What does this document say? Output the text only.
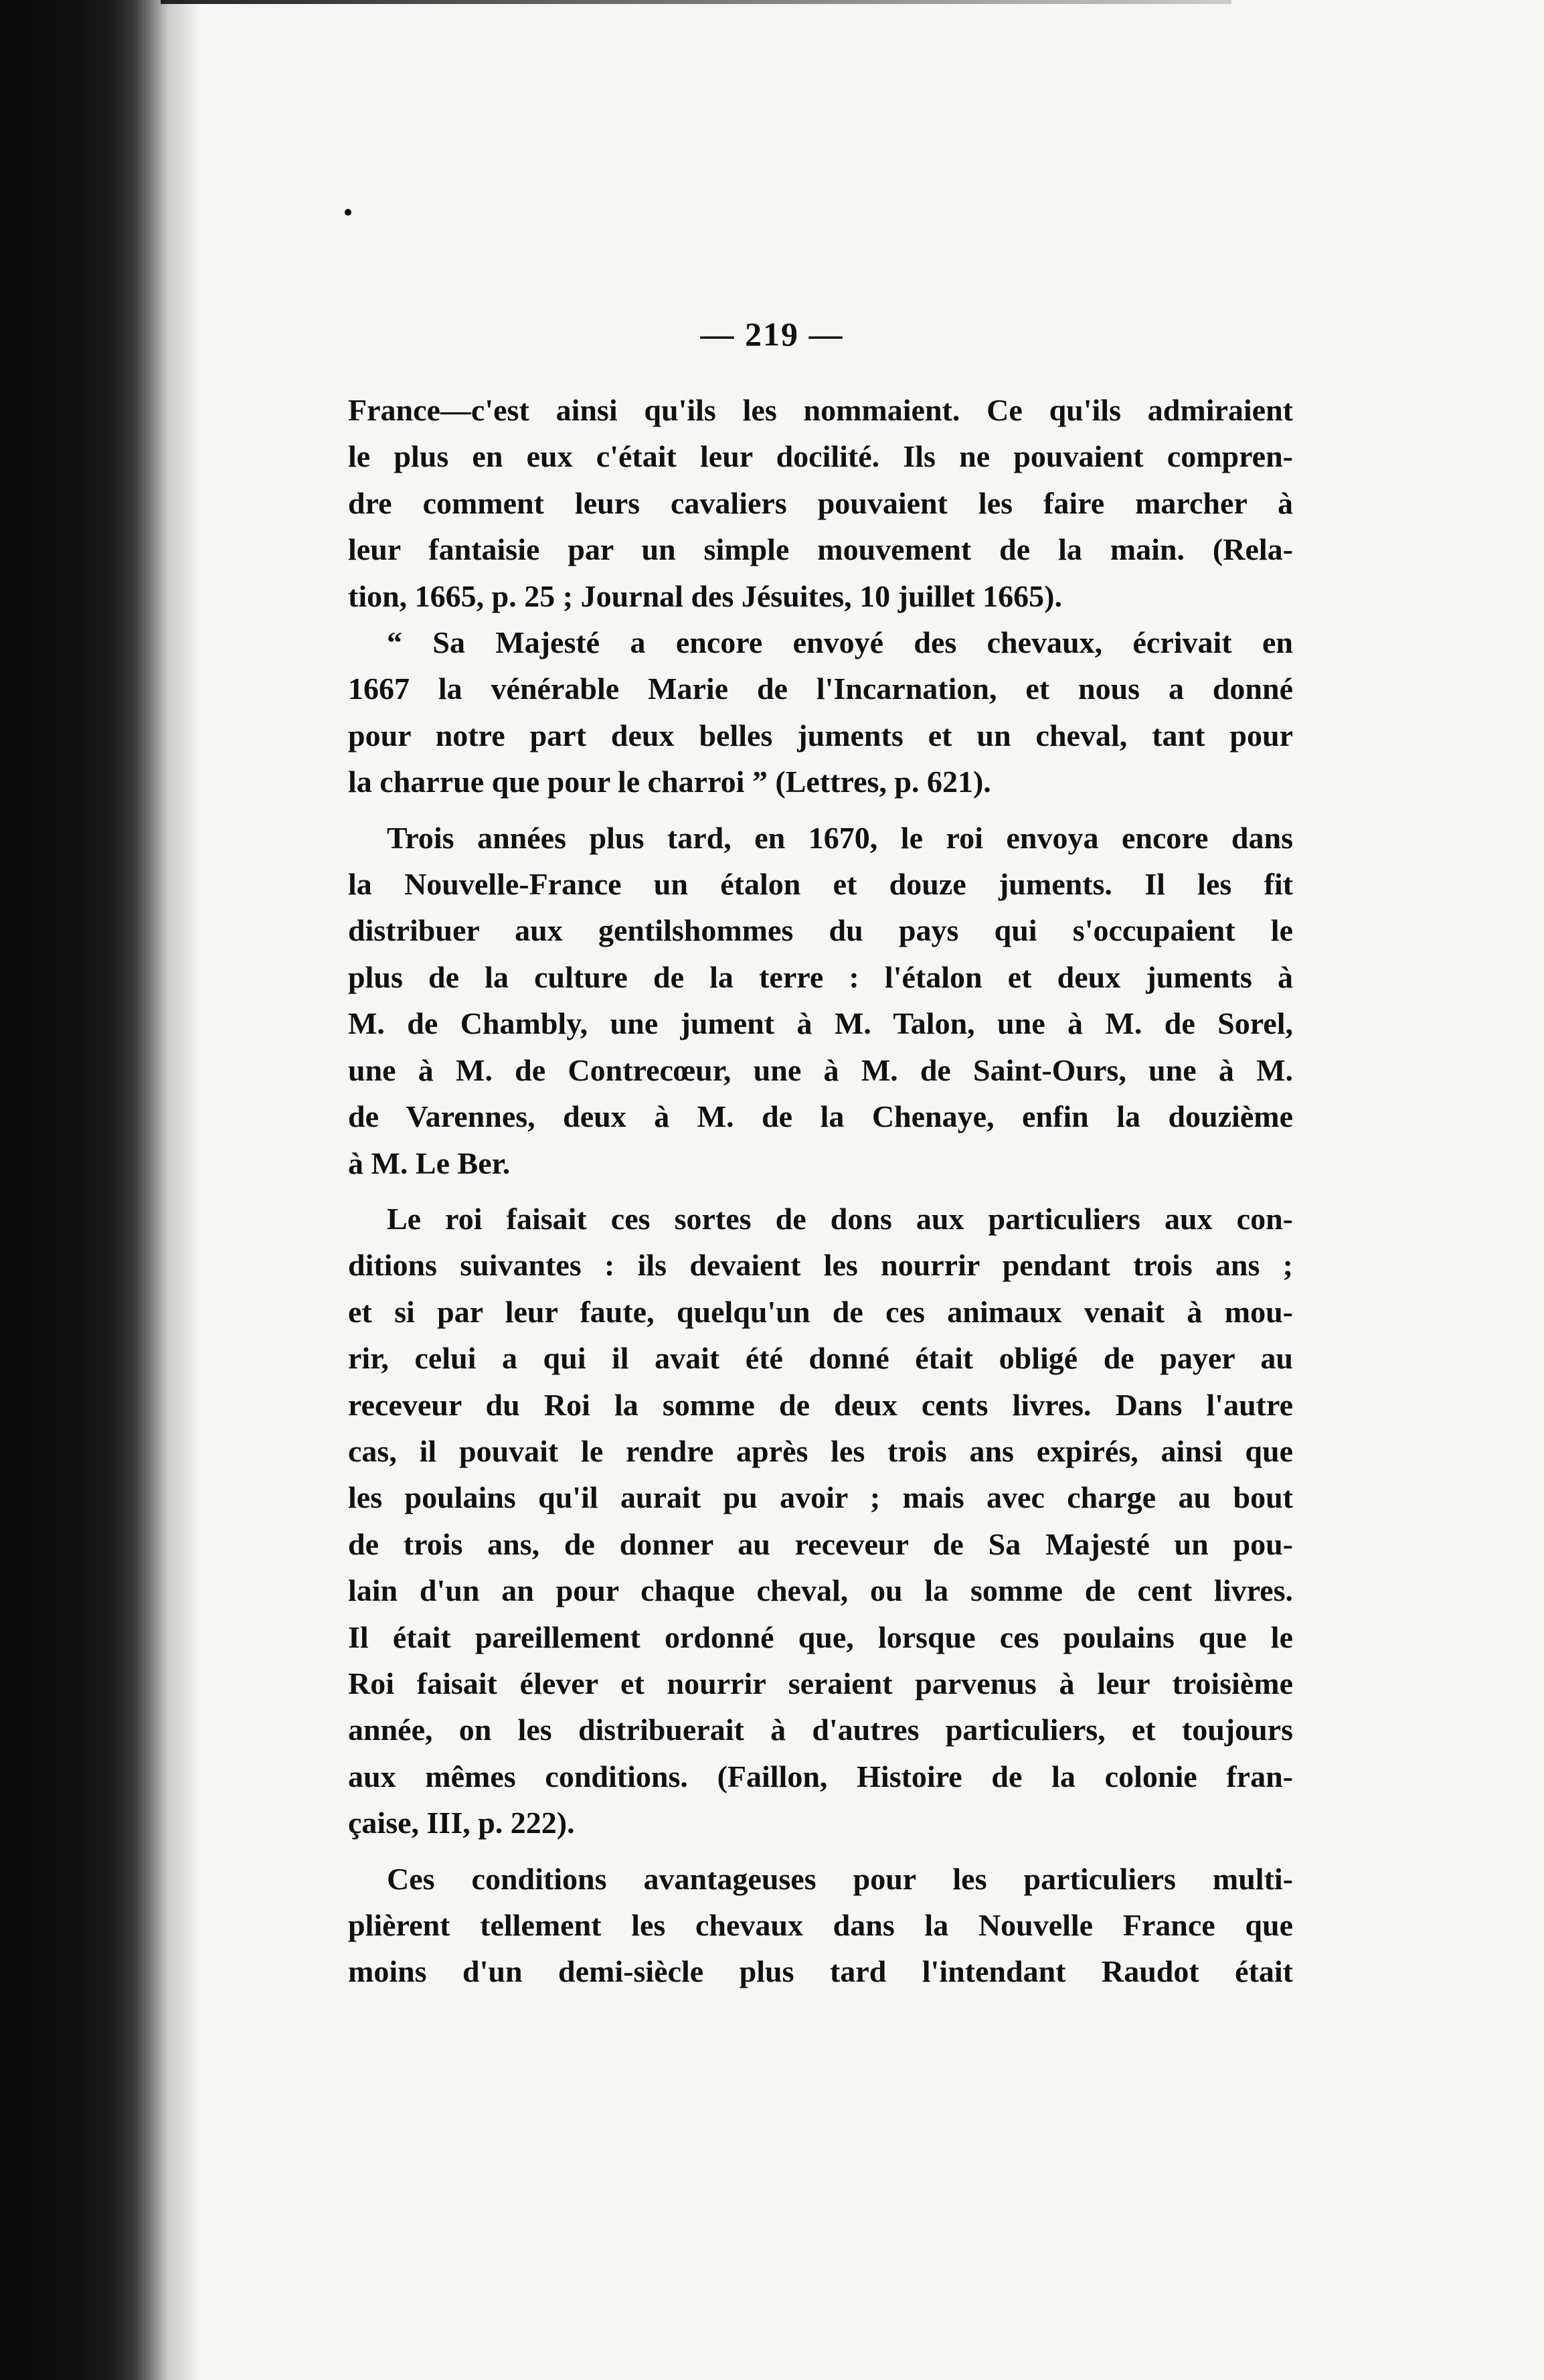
— 219 —
France—c'est ainsi qu'ils les nommaient. Ce qu'ils admiraient
le plus en eux c'était leur docilité. Ils ne pouvaient compren-
dre comment leurs cavaliers pouvaient les faire marcher à
leur fantaisie par un simple mouvement de la main. (Rela-
tion, 1665, p. 25 ; Journal des Jésuites, 10 juillet 1665).
“ Sa Majesté a encore envoyé des chevaux, écrivait en
1667 la vénérable Marie de l'Incarnation, et nous a donné
pour notre part deux belles juments et un cheval, tant pour
la charrue que pour le charroi ” (Lettres, p. 621).
Trois années plus tard, en 1670, le roi envoya encore dans
la Nouvelle-France un étalon et douze juments. Il les fit
distribuer aux gentilshommes du pays qui s'occupaient le
plus de la culture de la terre : l'étalon et deux juments à
M. de Chambly, une jument à M. Talon, une à M. de Sorel,
une à M. de Contrecœur, une à M. de Saint-Ours, une à M.
de Varennes, deux à M. de la Chenaye, enfin la douzième
à M. Le Ber.
Le roi faisait ces sortes de dons aux particuliers aux con-
ditions suivantes : ils devaient les nourrir pendant trois ans ;
et si par leur faute, quelqu'un de ces animaux venait à mou-
rir, celui a qui il avait été donné était obligé de payer au
receveur du Roi la somme de deux cents livres. Dans l'autre
cas, il pouvait le rendre après les trois ans expirés, ainsi que
les poulains qu'il aurait pu avoir ; mais avec charge au bout
de trois ans, de donner au receveur de Sa Majesté un pou-
lain d'un an pour chaque cheval, ou la somme de cent livres.
Il était pareillement ordonné que, lorsque ces poulains que le
Roi faisait élever et nourrir seraient parvenus à leur troisième
année, on les distribuerait à d'autres particuliers, et toujours
aux mêmes conditions. (Faillon, Histoire de la colonie fran-
çaise, III, p. 222).
Ces conditions avantageuses pour les particuliers multi-
plièrent tellement les chevaux dans la Nouvelle France que
moins d'un demi-siècle plus tard l'intendant Raudot était
